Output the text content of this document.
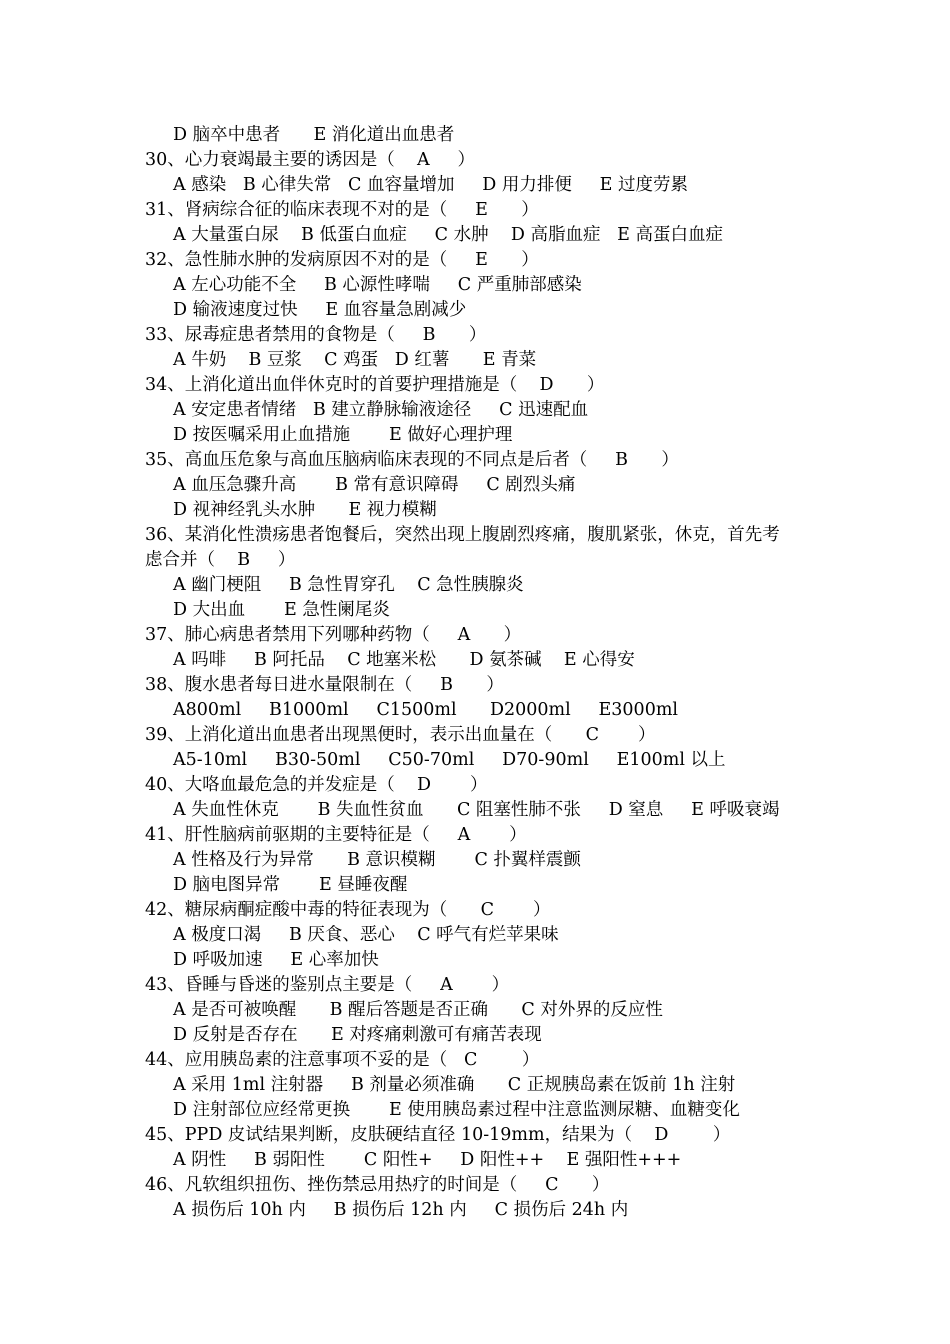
D 脑卒中患者      E 消化道出血患者
30、心力衰竭最主要的诱因是（    A     ）
A 感染   B 心律失常   C 血容量增加     D 用力排便     E 过度劳累
31、肾病综合征的临床表现不对的是（     E      ）
A 大量蛋白尿    B 低蛋白血症     C 水肿    D 高脂血症   E 高蛋白血症
32、急性肺水肿的发病原因不对的是（     E      ）
A 左心功能不全     B 心源性哮喘     C 严重肺部感染
D 输液速度过快     E 血容量急剧减少
33、尿毒症患者禁用的食物是（     B      ）
A 牛奶    B 豆浆    C 鸡蛋   D 红薯      E 青菜
34、上消化道出血伴休克时的首要护理措施是（    D      ）
A 安定患者情绪   B 建立静脉输液途径     C 迅速配血
D 按医嘱采用止血措施       E 做好心理护理
35、高血压危象与高血压脑病临床表现的不同点是后者（     B      ）
A 血压急骤升高       B 常有意识障碍     C 剧烈头痛
D 视神经乳头水肿      E 视力模糊
36、某消化性溃疡患者饱餐后，突然出现上腹剧烈疼痛，腹肌紧张，休克，首先考
虑合并（    B     ）
A 幽门梗阻     B 急性胃穿孔    C 急性胰腺炎
D 大出血       E 急性阑尾炎
37、肺心病患者禁用下列哪种药物（     A      ）
A 吗啡     B 阿托品    C 地塞米松      D 氨茶碱    E 心得安
38、腹水患者每日进水量限制在（     B      ）
A800ml     B1000ml     C1500ml      D2000ml     E3000ml
39、上消化道出血患者出现黑便时，表示出血量在（      C       ）
A5-10ml     B30-50ml     C50-70ml     D70-90ml     E100ml 以上
40、大咯血最危急的并发症是（    D       ）
A 失血性休克       B 失血性贫血      C 阻塞性肺不张     D 窒息     E 呼吸衰竭
41、肝性脑病前驱期的主要特征是（     A       ）
A 性格及行为异常      B 意识模糊       C 扑翼样震颤
D 脑电图异常       E 昼睡夜醒
42、糖尿病酮症酸中毒的特征表现为（      C       ）
A 极度口渴     B 厌食、恶心    C 呼气有烂苹果味
D 呼吸加速     E 心率加快
43、昏睡与昏迷的鉴别点主要是（     A       ）
A 是否可被唤醒      B 醒后答题是否正确      C 对外界的反应性
D 反射是否存在      E 对疼痛刺激可有痛苦表现
44、应用胰岛素的注意事项不妥的是（   C        ）
A 采用 1ml 注射器     B 剂量必须准确      C 正规胰岛素在饭前 1h 注射
D 注射部位应经常更换       E 使用胰岛素过程中注意监测尿糖、血糖变化
45、PPD 皮试结果判断，皮肤硬结直径 10-19mm，结果为（    D        ）
A 阴性     B 弱阳性       C 阳性+     D 阳性++    E 强阳性+++
46、凡软组织扭伤、挫伤禁忌用热疗的时间是（     C      ）
A 损伤后 10h 内     B 损伤后 12h 内     C 损伤后 24h 内
